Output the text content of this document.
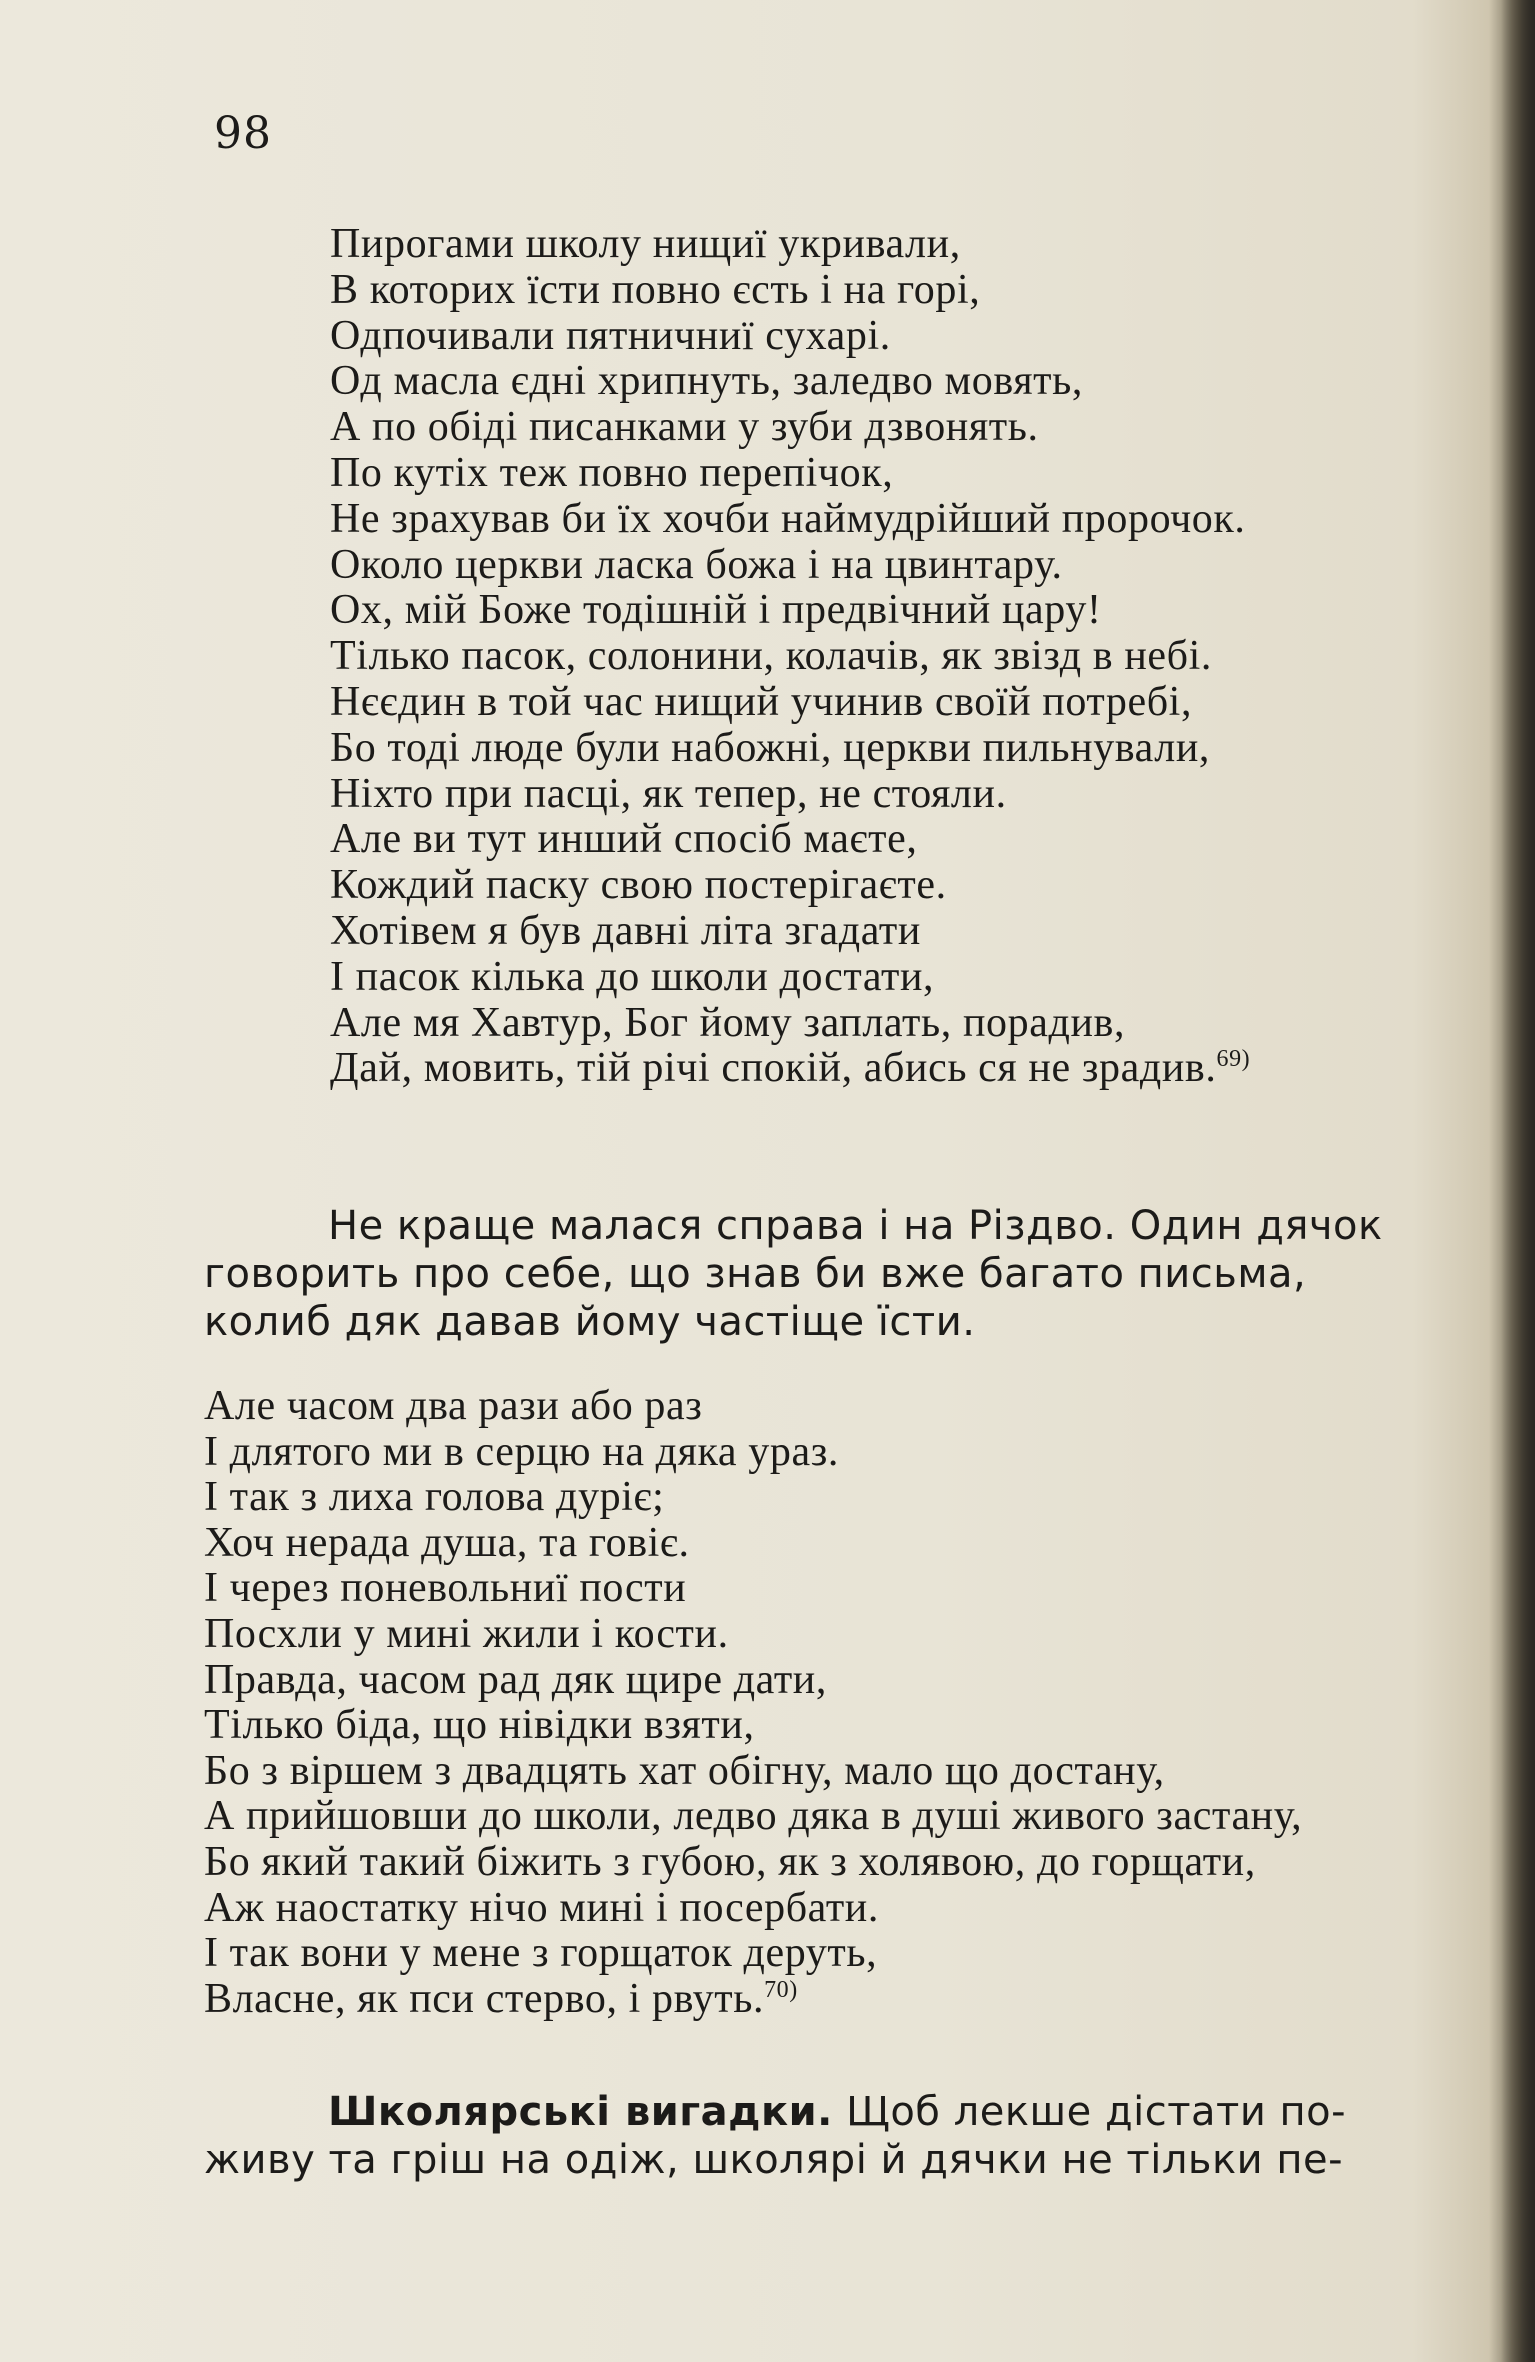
98
Пирогами школу нищиї укривали,
В которих їсти повно єсть і на горі,
Одпочивали пятничниї сухарі.
Од масла єдні хрипнуть, заледво мовять,
А по обіді писанками у зуби дзвонять.
По кутіх теж повно перепічок,
Не зрахував би їх хочби наймудрійший пророчок.
Около церкви ласка божа і на цвинтару.
Ох, мій Боже тодішній і предвічний цару!
Тілько пасок, солонини, колачів, як звізд в небі.
Нєєдин в той час нищий учинив своїй потребі,
Бо тоді люде були набожні, церкви пильнували,
Ніхто при пасці, як тепер, не стояли.
Але ви тут инший спосіб маєте,
Кождий паску свою постерігаєте.
Хотівем я був давні літа згадати
І пасок кілька до школи достати,
Але мя Хавтур, Бог йому заплать, порадив,
Дай, мовить, тій річі спокій, абись ся не зрадив.$^{69)}$
Не краще малася справа і на Різдво. Один дячок
говорить про себе, що знав би вже багато письма,
колиб дяк давав йому частіще їсти.
Але часом два рази або раз
І длятого ми в серцю на дяка ураз.
І так з лиха голова дуріє;
Хоч нерада душа, та говіє.
І через поневольниї пости
Посхли у мині жили і кости.
Правда, часом рад дяк щире дати,
Тілько біда, що нівідки взяти,
Бо з віршем з двадцять хат обігну, мало що достану,
А прийшовши до школи, ледво дяка в душі живого застану,
Бо який такий біжить з губою, як з холявою, до горщати,
Аж наостатку нічо мині і посербати.
І так вони у мене з горщаток деруть,
Власне, як пси стерво, і рвуть.$^{70)}$
Школярські вигадки. Щоб лекше дістати по-
живу та гріш на одіж, школярі й дячки не тільки пе-
